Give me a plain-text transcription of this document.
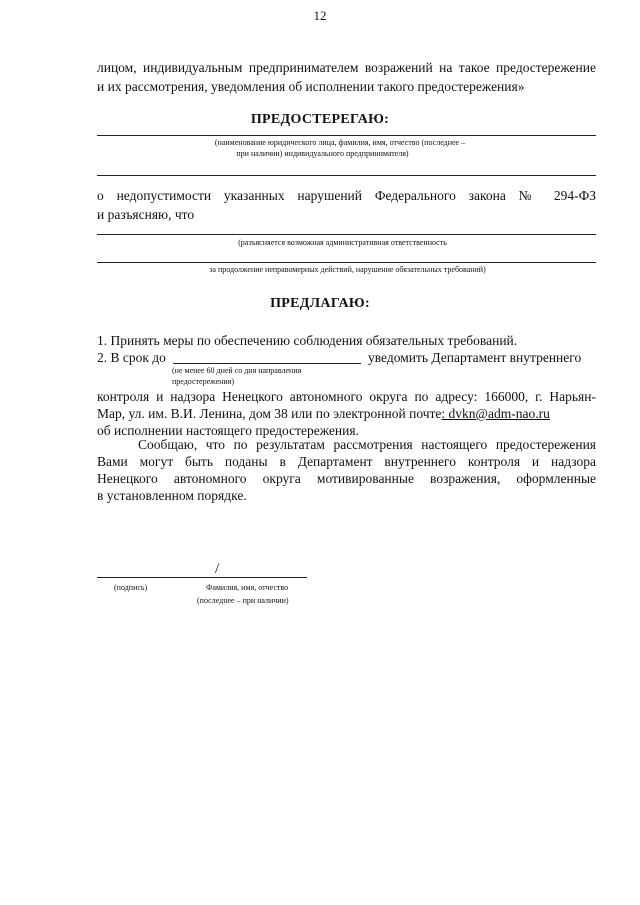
12
лицом, индивидуальным предпринимателем возражений на такое предостережение
и их рассмотрения, уведомления об исполнении такого предостережения»
ПРЕДОСТЕРЕГАЮ:
(наименование юридического лица, фамилия, имя, отчество (последнее –
при наличии) индивидуального предпринимателя)
о недопустимости указанных нарушений Федерального закона № 294-ФЗ
и разъясняю, что
(разъясняется возможная административная ответственность
за продолжение неправомерных действий, нарушение обязательных требований)
ПРЕДЛАГАЮ:
1. Принять меры по обеспечению соблюдения обязательных требований.
2. В срок до	уведомить Департамент внутреннего
(не менее 60 дней со дня направления
предостережения)
контроля и надзора Ненецкого автономного округа по адресу: 166000, г. Нарьян-
Мар, ул. им. В.И. Ленина, дом 38 или по электронной почте: dvkn@adm-nao.ru
об исполнении настоящего предостережения.
Сообщаю, что по результатам рассмотрения настоящего предостережения
Вами могут быть поданы в Департамент внутреннего контроля и надзора
Ненецкого автономного округа мотивированные возражения, оформленные
в установленном порядке.
/
(подпись)	Фамилия, имя, отчество
(последнее – при наличии)
